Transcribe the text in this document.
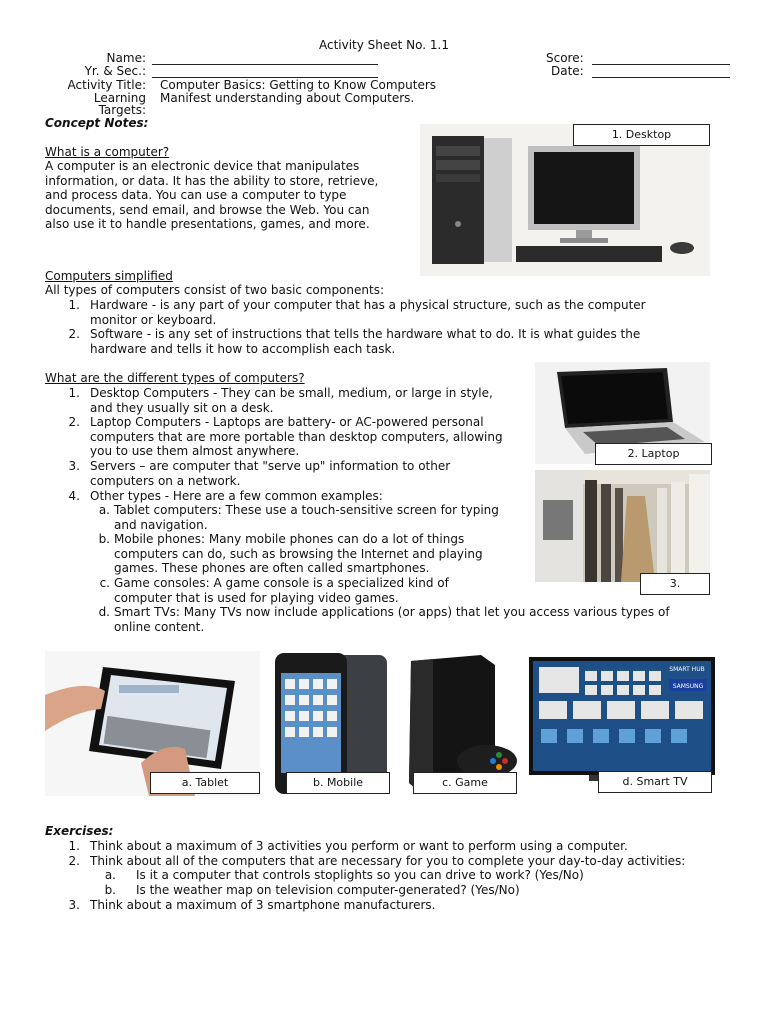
Activity Sheet No. 1.1
Name:
Yr. & Sec.:
Activity Title: Computer Basics: Getting to Know Computers
Learning
Targets:
Manifest understanding about Computers.
Score:
Date:
Concept Notes:
What is a computer?
A computer is an electronic device that manipulates
information, or data. It has the ability to store, retrieve,
and process data. You can use a computer to type
documents, send email, and browse the Web. You can
also use it to handle presentations, games, and more.
1. Desktop
Computers simplified
All types of computers consist of two basic components:
1. Hardware - is any part of your computer that has a physical structure, such as the computer
monitor or keyboard.
2. Software - is any set of instructions that tells the hardware what to do. It is what guides the
hardware and tells it how to accomplish each task.
What are the different types of computers?
1. Desktop Computers - They can be small, medium, or large in style,
and they usually sit on a desk.
2. Laptop Computers - Laptops are battery- or AC-powered personal
computers that are more portable than desktop computers, allowing
you to use them almost anywhere.
3. Servers – are computer that "serve up" information to other
computers on a network.
4. Other types - Here are a few common examples:
a. Tablet computers: These use a touch-sensitive screen for typing
and navigation.
b. Mobile phones: Many mobile phones can do a lot of things
computers can do, such as browsing the Internet and playing
games. These phones are often called smartphones.
c. Game consoles: A game console is a specialized kind of
computer that is used for playing video games.
d. Smart TVs: Many TVs now include applications (or apps) that let you access various types of
online content.
2. Laptop
3.
a. Tablet	b. Mobile	c. Game
SAMSUNG
SMART HUB
d. Smart TV
Exercises:
1. Think about a maximum of 3 activities you perform or want to perform using a computer.
2. Think about all of the computers that are necessary for you to complete your day-to-day activities:
a. Is it a computer that controls stoplights so you can drive to work? (Yes/No)
b. Is the weather map on television computer-generated? (Yes/No)
3. Think about a maximum of 3 smartphone manufacturers.
